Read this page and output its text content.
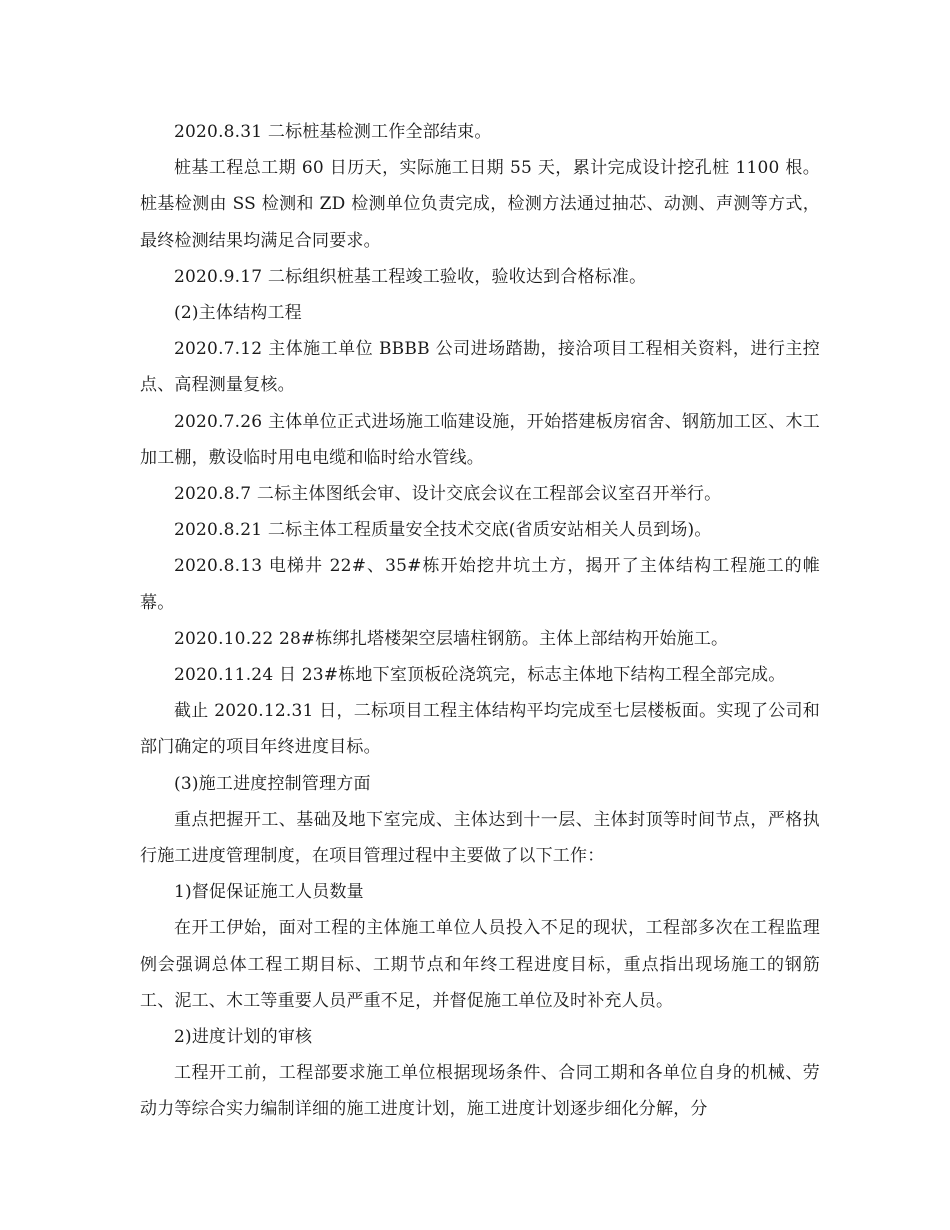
2020.8.31 二标桩基检测工作全部结束。

桩基工程总工期 60 日历天，实际施工日期 55 天，累计完成设计挖孔桩 1100 根。桩基检测由 SS 检测和 ZD 检测单位负责完成，检测方法通过抽芯、动测、声测等方式，最终检测结果均满足合同要求。

2020.9.17 二标组织桩基工程竣工验收，验收达到合格标准。

(2)主体结构工程

2020.7.12 主体施工单位 BBBB 公司进场踏勘，接洽项目工程相关资料，进行主控点、高程测量复核。

2020.7.26 主体单位正式进场施工临建设施，开始搭建板房宿舍、钢筋加工区、木工加工棚，敷设临时用电电缆和临时给水管线。

2020.8.7 二标主体图纸会审、设计交底会议在工程部会议室召开举行。

2020.8.21 二标主体工程质量安全技术交底(省质安站相关人员到场)。

2020.8.13 电梯井 22#、35#栋开始挖井坑土方，揭开了主体结构工程施工的帷幕。

2020.10.22 28#栋绑扎塔楼架空层墙柱钢筋。主体上部结构开始施工。

2020.11.24 日 23#栋地下室顶板砼浇筑完，标志主体地下结构工程全部完成。

截止 2020.12.31 日，二标项目工程主体结构平均完成至七层楼板面。实现了公司和部门确定的项目年终进度目标。

(3)施工进度控制管理方面

重点把握开工、基础及地下室完成、主体达到十一层、主体封顶等时间节点，严格执行施工进度管理制度，在项目管理过程中主要做了以下工作：

1)督促保证施工人员数量

在开工伊始，面对工程的主体施工单位人员投入不足的现状，工程部多次在工程监理例会强调总体工程工期目标、工期节点和年终工程进度目标，重点指出现场施工的钢筋工、泥工、木工等重要人员严重不足，并督促施工单位及时补充人员。

2)进度计划的审核

工程开工前，工程部要求施工单位根据现场条件、合同工期和各单位自身的机械、劳动力等综合实力编制详细的施工进度计划，施工进度计划逐步细化分解，分
